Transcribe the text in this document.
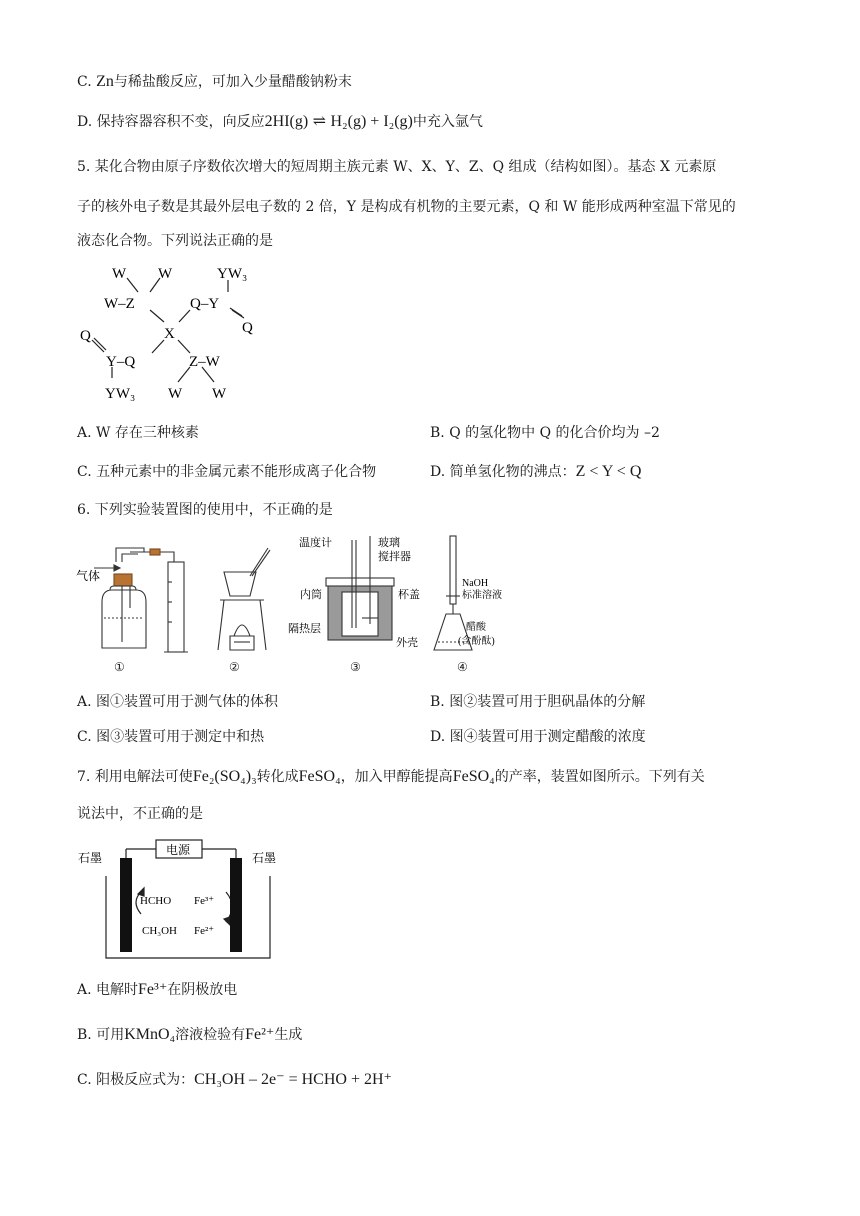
C. Zn与稀盐酸反应，可加入少量醋酸钠粉末
D. 保持容器容积不变，向反应2HI(g) ⇌ H₂(g) + I₂(g)中充入氩气
5. 某化合物由原子序数依次增大的短周期主族元素 W、X、Y、Z、Q 组成（结构如图）。基态 X 元素原
子的核外电子数是其最外层电子数的 2 倍，Y 是构成有机物的主要元素，Q 和 W 能形成两种室温下常见的
液态化合物。下列说法正确的是
W W
W–Z
YW₃
Q–Y
Q
X
Q
Y–Q
YW₃
Z–W
W W
A. W 存在三种核素	B. Q 的氢化物中 Q 的化合价均为 –2
C. 五种元素中的非金属元素不能形成离子化合物	D. 简单氢化物的沸点：Z < Y < Q
6. 下列实验装置图的使用中，不正确的是
气体
温度计	玻璃
搅拌器
内筒	杯盖
隔热层
外壳
NaOH
标准溶液
醋酸
(含酚酞)
①	②	③	④
A. 图①装置可用于测气体的体积	B. 图②装置可用于胆矾晶体的分解
C. 图③装置可用于测定中和热	D. 图④装置可用于测定醋酸的浓度
7. 利用电解法可使Fe₂(SO₄)₃转化成FeSO₄，加入甲醇能提高FeSO₄的产率，装置如图所示。下列有关
说法中，不正确的是
电源
石墨	石墨
HCHO
CH₃OH
Fe³⁺
Fe²⁺
A. 电解时Fe³⁺在阴极放电
B. 可用KMnO₄溶液检验有Fe²⁺生成
C. 阳极反应式为：CH₃OH – 2e⁻ = HCHO + 2H⁺
